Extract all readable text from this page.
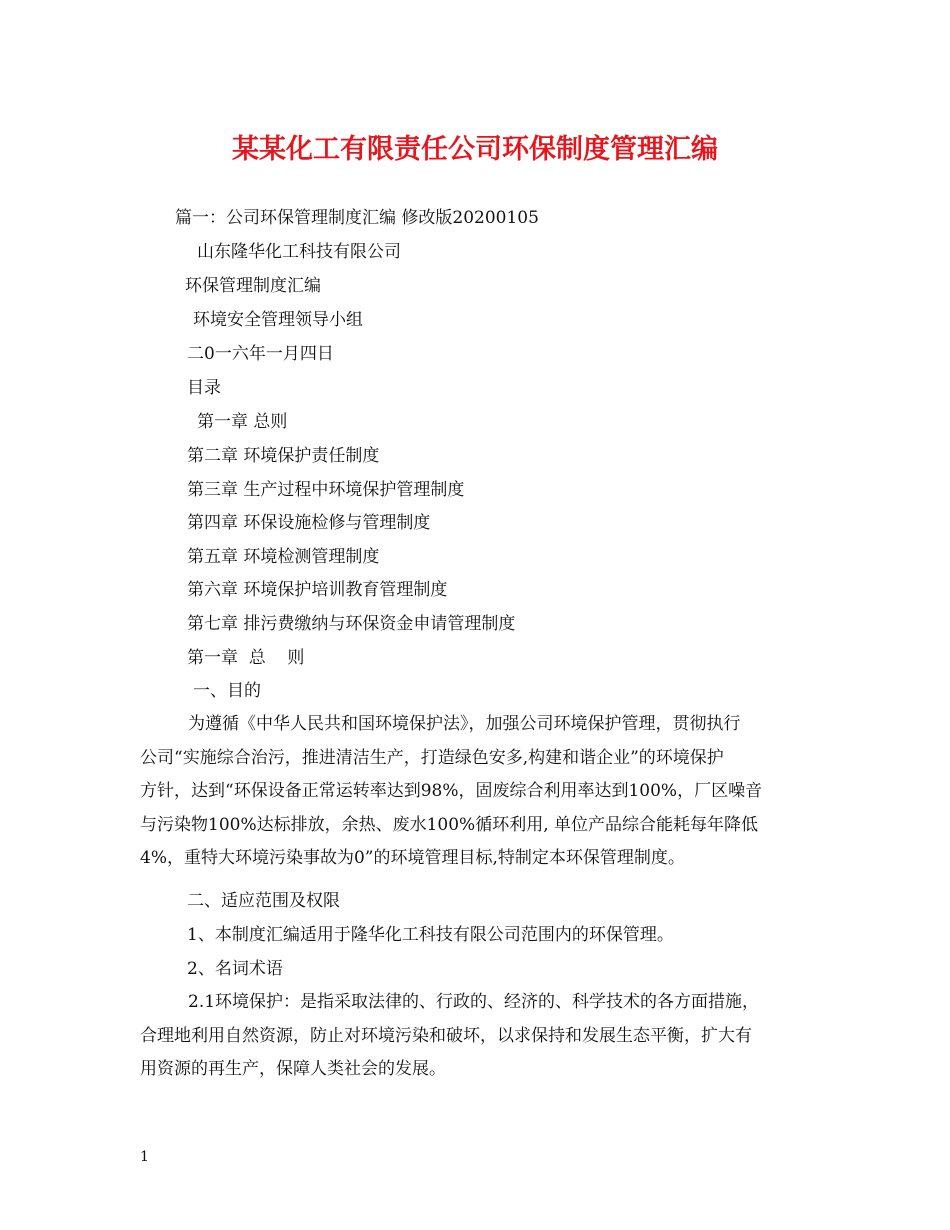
某某化工有限责任公司环保制度管理汇编
篇一：公司环保管理制度汇编 修改版20200105
山东隆华化工科技有限公司
环保管理制度汇编
环境安全管理领导小组
二0一六年一月四日
目录
第一章 总则
第二章 环境保护责任制度
第三章 生产过程中环境保护管理制度
第四章 环保设施检修与管理制度
第五章 环境检测管理制度
第六章 环境保护培训教育管理制度
第七章 排污费缴纳与环保资金申请管理制度
第一章  总    则
一、目的
为遵循《中华人民共和国环境保护法》，加强公司环境保护管理，贯彻执行
公司“实施综合治污，推进清洁生产，打造绿色安多,构建和谐企业”的环境保护
方针，达到“环保设备正常运转率达到98%，固废综合利用率达到100%，厂区噪音
与污染物100%达标排放，余热、废水100%循环利用, 单位产品综合能耗每年降低
4%，重特大环境污染事故为0”的环境管理目标,特制定本环保管理制度。
二、适应范围及权限
1、本制度汇编适用于隆华化工科技有限公司范围内的环保管理。
2、名词术语
2.1环境保护：是指采取法律的、行政的、经济的、科学技术的各方面措施，
合理地利用自然资源，防止对环境污染和破坏，以求保持和发展生态平衡，扩大有
用资源的再生产，保障人类社会的发展。
1
